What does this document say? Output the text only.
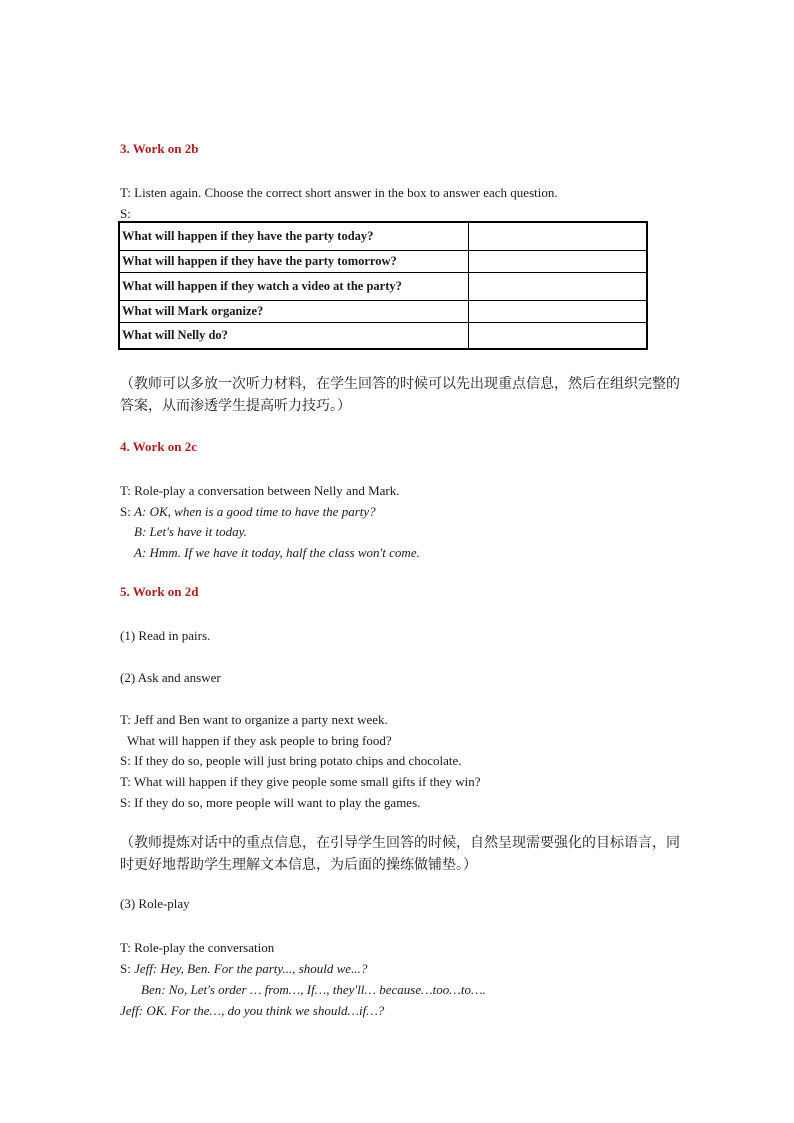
3. Work on 2b
T: Listen again. Choose the correct short answer in the box to answer each question.
S:
What will happen if they have the party today?	
What will happen if they have the party tomorrow?	
What will happen if they watch a video at the party?	
What will Mark organize?	
What will Nelly do?	
（教师可以多放一次听力材料，在学生回答的时候可以先出现重点信息，然后在组织完整的
答案，从而渗透学生提高听力技巧。）
4. Work on 2c
T: Role-play a conversation between Nelly and Mark.
S: A: OK, when is a good time to have the party?
B: Let's have it today.
A: Hmm. If we have it today, half the class won't come.
5. Work on 2d
(1) Read in pairs.
(2) Ask and answer
T: Jeff and Ben want to organize a party next week.
What will happen if they ask people to bring food?
S: If they do so, people will just bring potato chips and chocolate.
T: What will happen if they give people some small gifts if they win?
S: If they do so, more people will want to play the games.
（教师提炼对话中的重点信息，在引导学生回答的时候，自然呈现需要强化的目标语言，同
时更好地帮助学生理解文本信息，为后面的操练做铺垫。）
(3) Role-play
T: Role-play the conversation
S: Jeff: Hey, Ben. For the party..., should we...?
Ben: No, Let's order … from…, If…, they'll… because…too…to….
Jeff: OK. For the…, do you think we should…if…?
